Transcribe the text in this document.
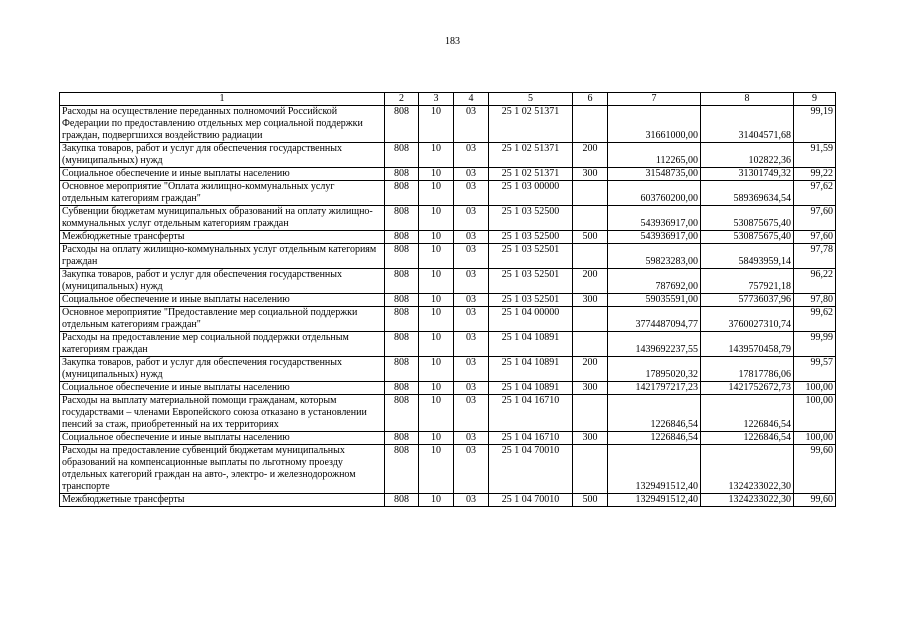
183
1	2	3	4	5	6	7	8	9
Расходы на осуществление переданных полномочий Российской Федерации по предоставлению отдельных мер социальной поддержки граждан, подвергшихся воздействию радиации	808	10	03	25 1 02 51371		31661000,00	31404571,68	99,19
Закупка товаров, работ и услуг для обеспечения государственных (муниципальных) нужд	808	10	03	25 1 02 51371	200	112265,00	102822,36	91,59
Социальное обеспечение и иные выплаты населению	808	10	03	25 1 02 51371	300	31548735,00	31301749,32	99,22
Основное мероприятие "Оплата жилищно-коммунальных услуг отдельным категориям граждан"	808	10	03	25 1 03 00000		603760200,00	589369634,54	97,62
Субвенции бюджетам муниципальных образований на оплату жилищно-коммунальных услуг отдельным категориям граждан	808	10	03	25 1 03 52500		543936917,00	530875675,40	97,60
Межбюджетные трансферты	808	10	03	25 1 03 52500	500	543936917,00	530875675,40	97,60
Расходы на оплату жилищно-коммунальных услуг отдельным категориям граждан	808	10	03	25 1 03 52501		59823283,00	58493959,14	97,78
Закупка товаров, работ и услуг для обеспечения государственных (муниципальных) нужд	808	10	03	25 1 03 52501	200	787692,00	757921,18	96,22
Социальное обеспечение и иные выплаты населению	808	10	03	25 1 03 52501	300	59035591,00	57736037,96	97,80
Основное мероприятие "Предоставление мер социальной поддержки отдельным категориям граждан"	808	10	03	25 1 04 00000		3774487094,77	3760027310,74	99,62
Расходы на предоставление мер социальной поддержки отдельным категориям граждан	808	10	03	25 1 04 10891		1439692237,55	1439570458,79	99,99
Закупка товаров, работ и услуг для обеспечения государственных (муниципальных) нужд	808	10	03	25 1 04 10891	200	17895020,32	17817786,06	99,57
Социальное обеспечение и иные выплаты населению	808	10	03	25 1 04 10891	300	1421797217,23	1421752672,73	100,00
Расходы на выплату материальной помощи гражданам, которым государствами – членами Европейского союза отказано в установлении пенсий за стаж, приобретенный на их территориях	808	10	03	25 1 04 16710		1226846,54	1226846,54	100,00
Социальное обеспечение и иные выплаты населению	808	10	03	25 1 04 16710	300	1226846,54	1226846,54	100,00
Расходы на предоставление субвенций бюджетам муниципальных образований на компенсационные выплаты по льготному проезду отдельных категорий граждан на авто-, электро- и железнодорожном транспорте	808	10	03	25 1 04 70010		1329491512,40	1324233022,30	99,60
Межбюджетные трансферты	808	10	03	25 1 04 70010	500	1329491512,40	1324233022,30	99,60
